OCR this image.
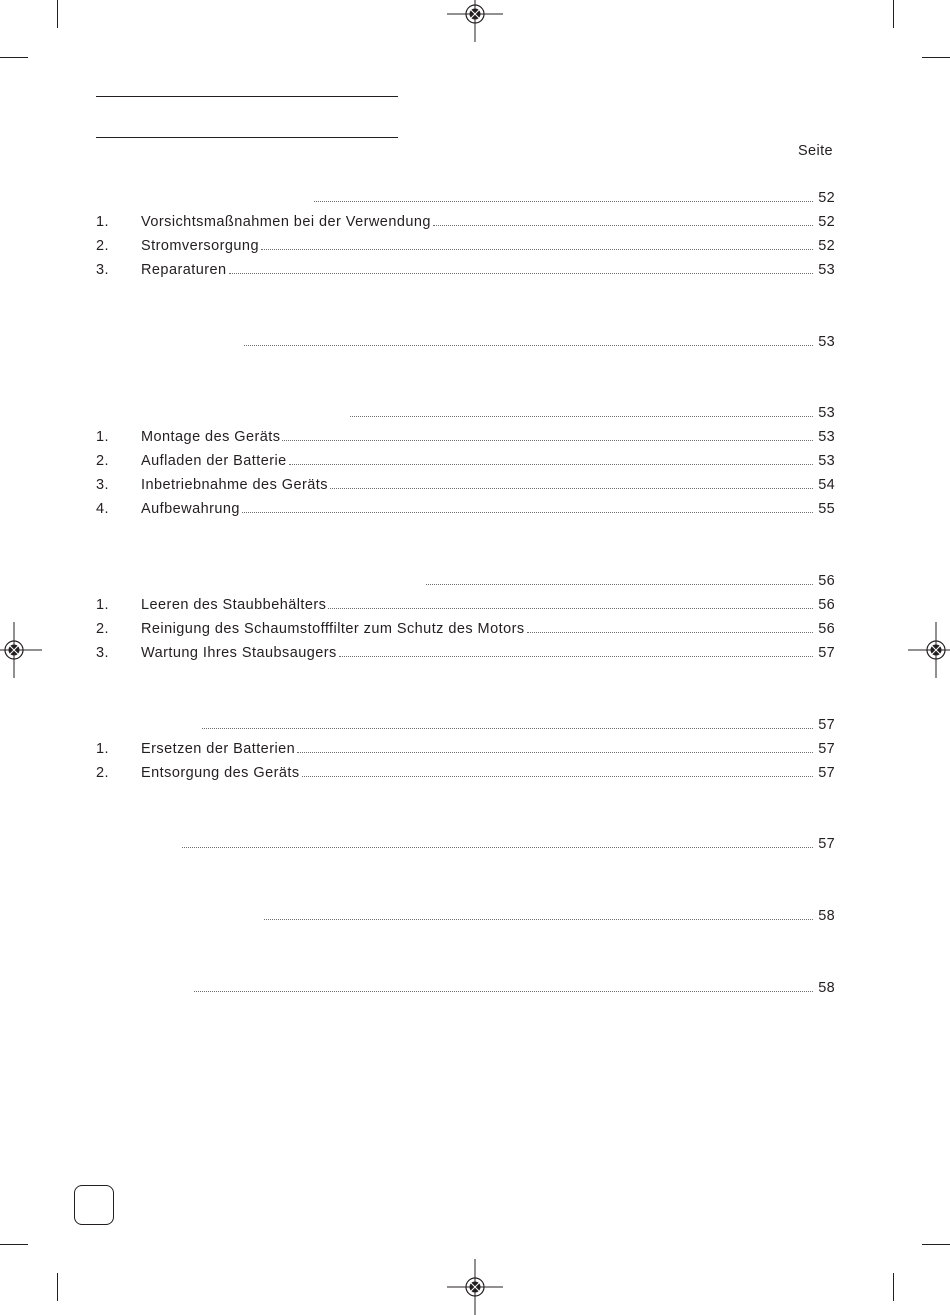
Seite
52
1. Vorsichtsmaßnahmen bei der Verwendung	52
2. Stromversorgung	52
3. Reparaturen	53
53
53
1. Montage des Geräts	53
2. Aufladen der Batterie	53
3. Inbetriebnahme des Geräts	54
4. Aufbewahrung	55
56
1. Leeren des Staubbehälters	56
2. Reinigung des Schaumstofffilter zum Schutz des Motors	56
3. Wartung Ihres Staubsaugers	57
57
1. Ersetzen der Batterien	57
2. Entsorgung des Geräts	57
57
58
58
